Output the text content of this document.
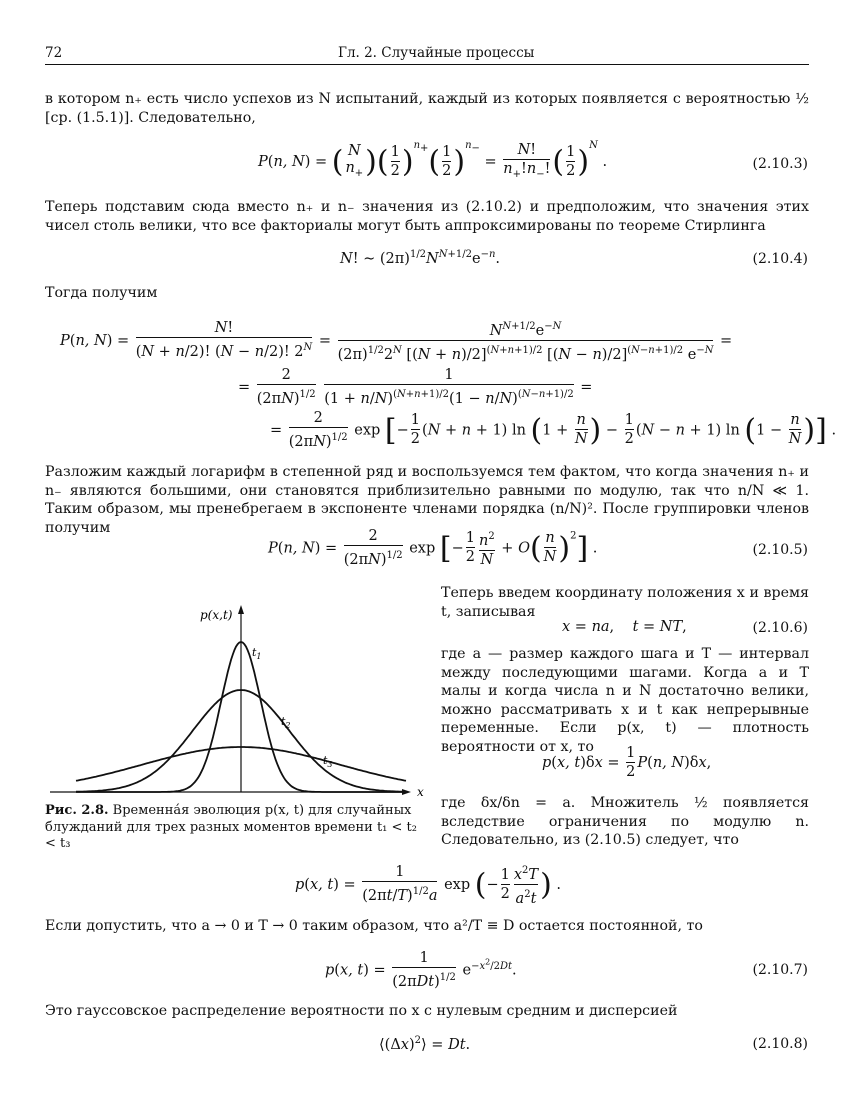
72	Гл. 2. Случайные процессы
в котором n₊ есть число успехов из N испытаний, каждый из которых появляется с вероятностью ½ [ср. (1.5.1)]. Следовательно,
P(n, N) = ( N
$n_+$ )( $\frac{1}{2} )^{n_+}( \frac{1}{2} )^{n_-} = \frac{N!}{n_+!n_-!}$ ( $\frac{1}{2} )^N$ .	(2.10.3)
Теперь подставим сюда вместо n₊ и n₋ значения из (2.10.2) и предположим, что значения этих чисел столь велики, что все факториалы могут быть аппроксимированы по теореме Стирлинга
N! ∼ $(2\pi)^{1/2}N^{N+1/2}e^{-n}$.	(2.10.4)
Тогда получим
P(n, $N) = \frac{N!}{(N + n/2)! (N - n/2)! 2^N} = \frac{N^{N+1/2}e^{-N}}{(2\pi)^{1/2}2^N [(N + n)/2]^{(N+n+1)/2} [(N - n)/2]^{(N-n+1)/2} e^{-N}}$ =
= $\frac{2}{(2\pi N)^{1/2}}$
$\frac{1}{(1 + n/N)^{(N+n+1)/2}(1 - n/N)^{(N-n+1)/2}}$ =
= $\frac{2}{(2\pi N)^{1/2}}$ exp [− $\frac{1}{2} (N + n + 1)$ $\ln (1 + \frac{n}{N}$ ) − $\frac{1}{2} (N - n + 1)$ $\ln (1 - \frac{n}{N}$ )] .
Разложим каждый логарифм в степенной ряд и воспользуемся тем фактом, что когда значения n₊ и n₋ являются большими, они становятся приблизительно равными по модулю, так что n/N ≪ 1. Таким образом, мы пренебрегаем в экспоненте членами порядка (n/N)². После группировки членов получим
P(n, $N) = \frac{2}{(2\pi N)^{1/2}}$ exp [− $\frac{1}{2} \frac{n^2}{N} + O( \frac{n}{N} )^2$] .	(2.10.5)
Теперь введем координату положения x и время t, записывая
x = na,    t = NT,	(2.10.6)
где a — размер каждого шага и T — интервал между последующими шагами. Когда a и T малы и когда числа n и N достаточно велики, можно рассматривать x и t как непрерывные переменные. Если p(x, t) — плотность вероятности от x, то
p(x, $t)\delta x = \frac{1}{2} P(n$, N)δx,
где δx/δn = a. Множитель ½ появляется вследствие ограничения по модулю n. Следовательно, из (2.10.5) следует, что
p(x,t)
x
$t_1$
$t_2$
$t_3$
Рис. 2.8. Временна́я эволюция p(x, t) для случайных блужданий для трех разных моментов времени t₁ < t₂ < t₃
p(x, $t) = \frac{1}{(2\pi t/T)^{1/2}a}$ exp (− $\frac{1}{2} \frac{x^2T}{a^2t}$ ) .
Если допустить, что a → 0 и T → 0 таким образом, что a²/T ≡ D остается постоянной, то
p(x, $t) = \frac{1}{(2\pi Dt)^{1/2}} e^{-x^2/2Dt}$.	(2.10.7)
Это гауссовское распределение вероятности по x с нулевым средним и дисперсией
$⟨(\Delta x)^2⟩ = Dt$.	(2.10.8)
